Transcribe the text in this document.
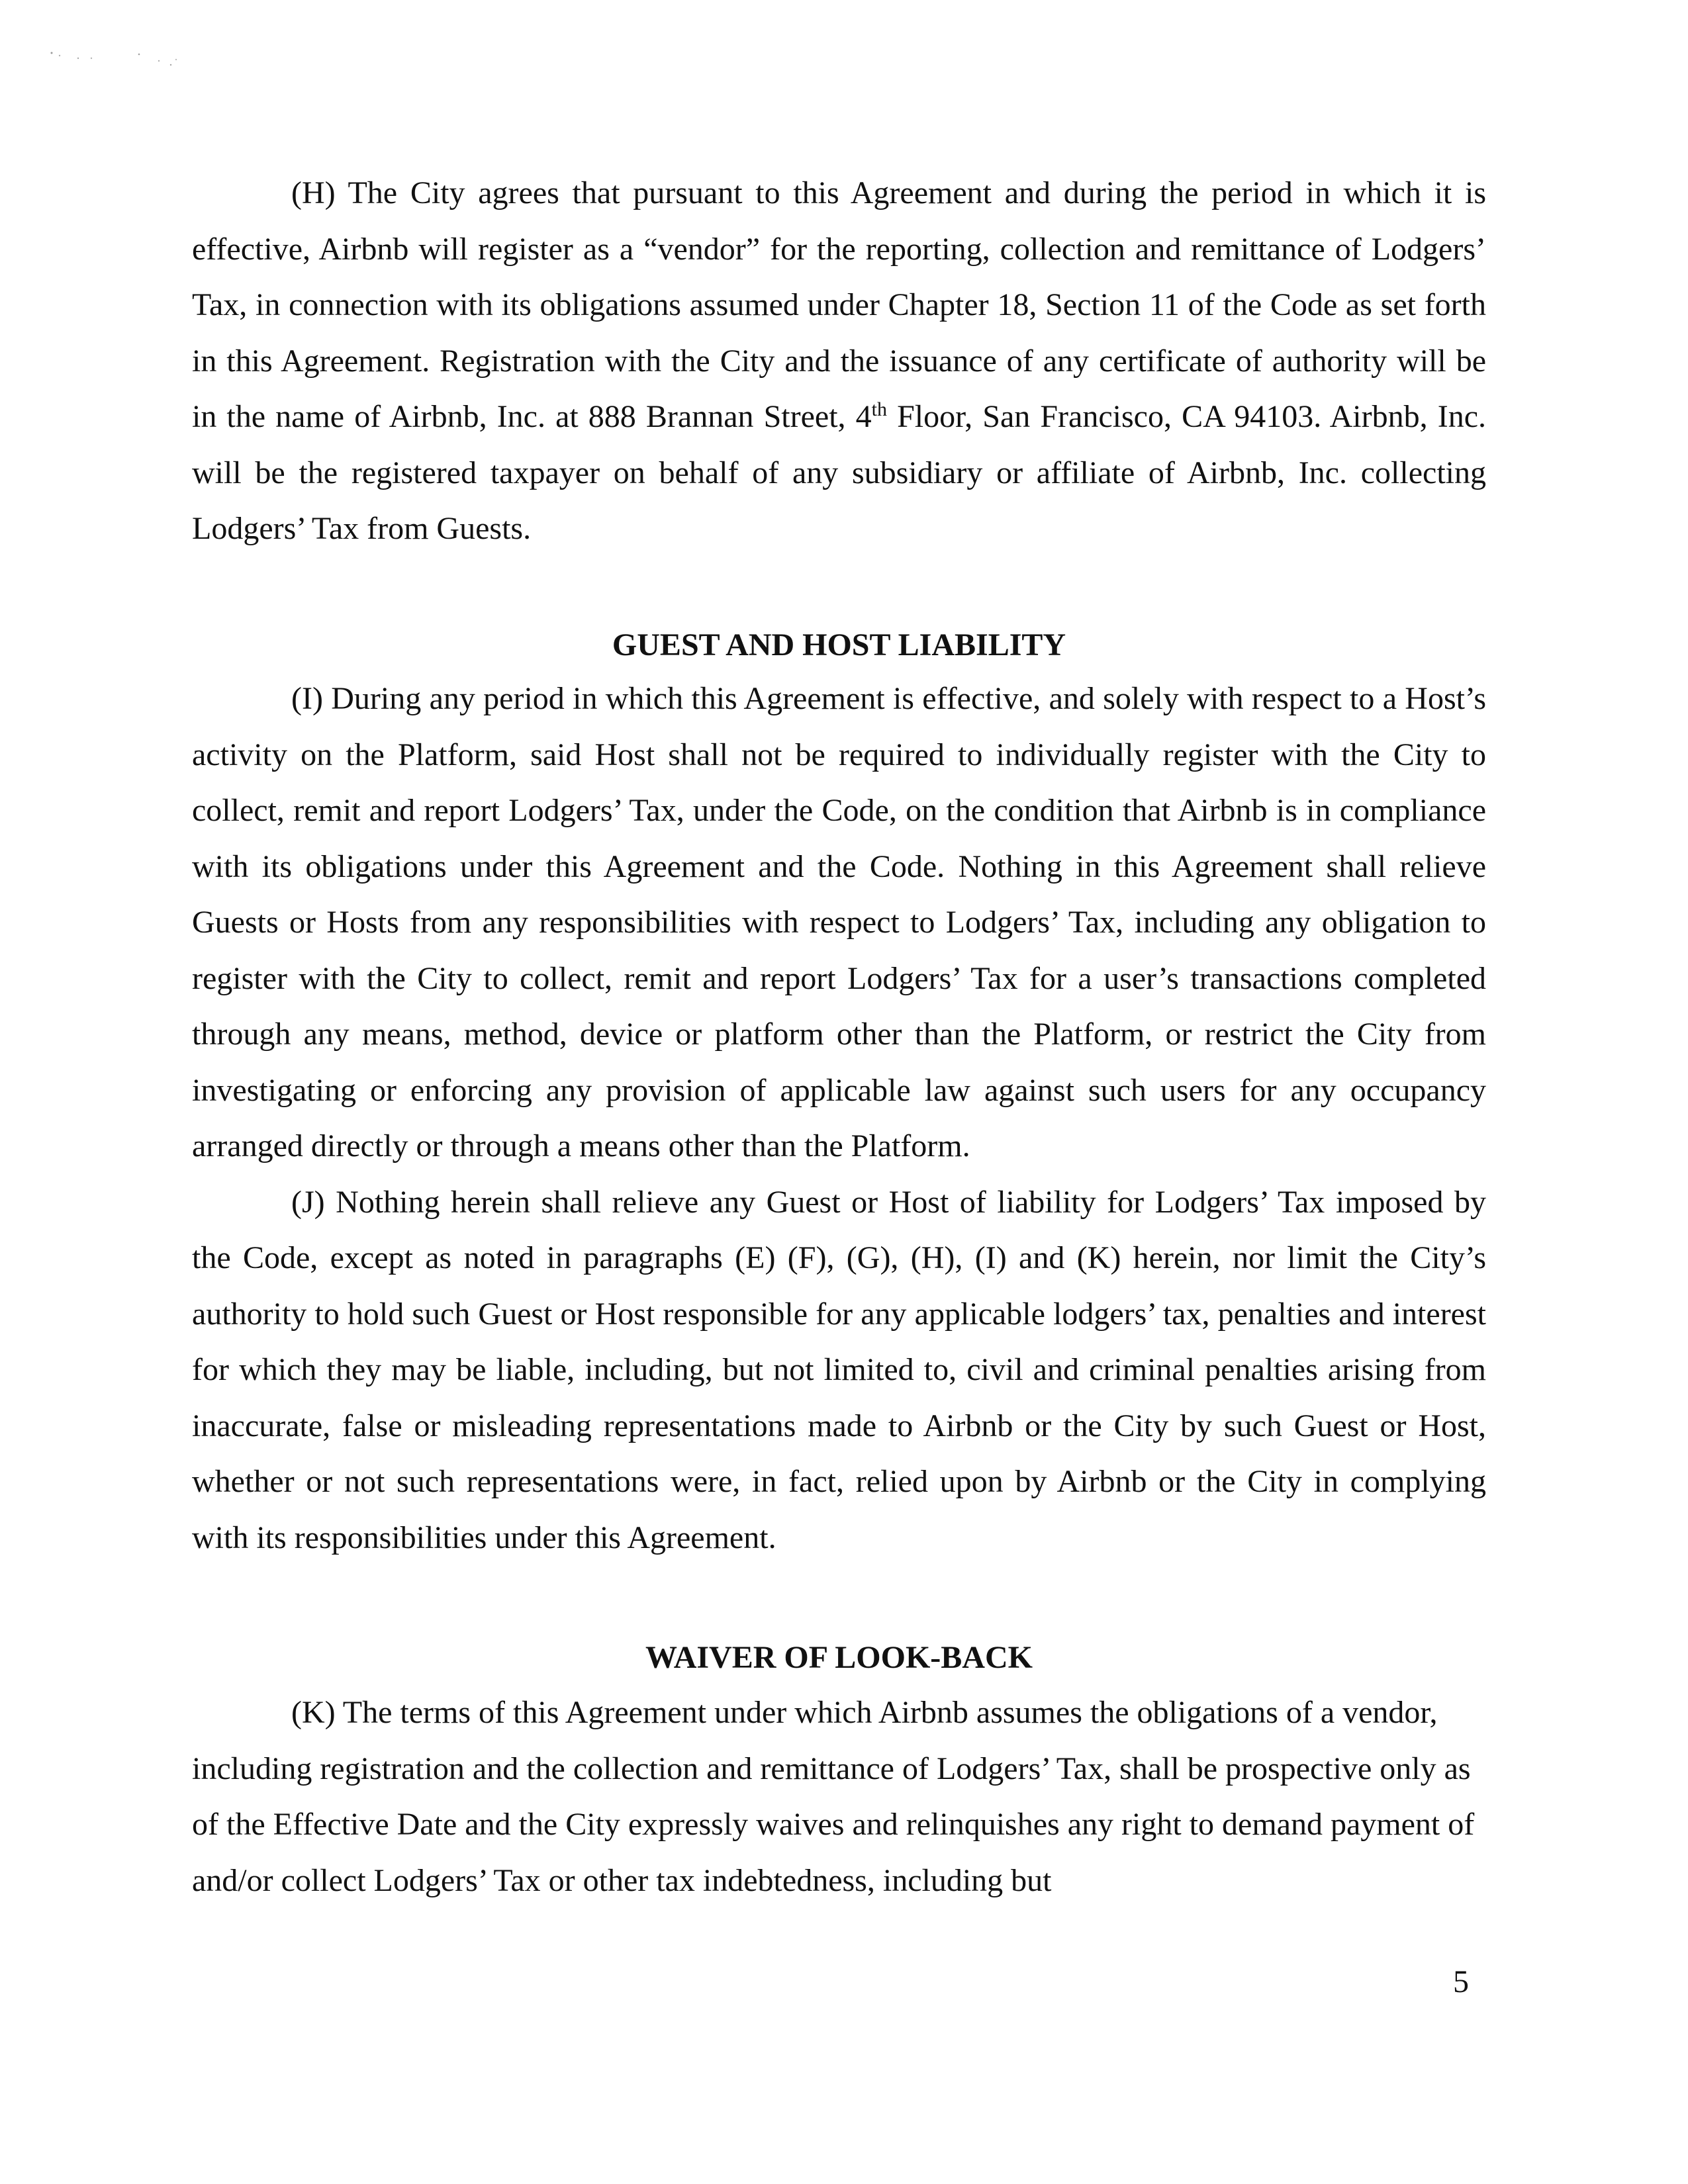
(H) The City agrees that pursuant to this Agreement and during the period in which it is effective, Airbnb will register as a “vendor” for the reporting, collection and remittance of Lodgers’ Tax, in connection with its obligations assumed under Chapter 18, Section 11 of the Code as set forth in this Agreement. Registration with the City and the issuance of any certificate of authority will be in the name of Airbnb, Inc. at 888 Brannan Street, 4th Floor, San Francisco, CA 94103. Airbnb, Inc. will be the registered taxpayer on behalf of any subsidiary or affiliate of Airbnb, Inc. collecting Lodgers’ Tax from Guests.

GUEST AND HOST LIABILITY

(I) During any period in which this Agreement is effective, and solely with respect to a Host’s activity on the Platform, said Host shall not be required to individually register with the City to collect, remit and report Lodgers’ Tax, under the Code, on the condition that Airbnb is in compliance with its obligations under this Agreement and the Code. Nothing in this Agreement shall relieve Guests or Hosts from any responsibilities with respect to Lodgers’ Tax, including any obligation to register with the City to collect, remit and report Lodgers’ Tax for a user’s transactions completed through any means, method, device or platform other than the Platform, or restrict the City from investigating or enforcing any provision of applicable law against such users for any occupancy arranged directly or through a means other than the Platform.

(J) Nothing herein shall relieve any Guest or Host of liability for Lodgers’ Tax imposed by the Code, except as noted in paragraphs (E) (F), (G), (H), (I) and (K) herein, nor limit the City’s authority to hold such Guest or Host responsible for any applicable lodgers’ tax, penalties and interest for which they may be liable, including, but not limited to, civil and criminal penalties arising from inaccurate, false or misleading representations made to Airbnb or the City by such Guest or Host, whether or not such representations were, in fact, relied upon by Airbnb or the City in complying with its responsibilities under this Agreement.

WAIVER OF LOOK-BACK

(K) The terms of this Agreement under which Airbnb assumes the obligations of a vendor, including registration and the collection and remittance of Lodgers’ Tax, shall be prospective only as of the Effective Date and the City expressly waives and relinquishes any right to demand payment of and/or collect Lodgers’ Tax or other tax indebtedness, including but

5
